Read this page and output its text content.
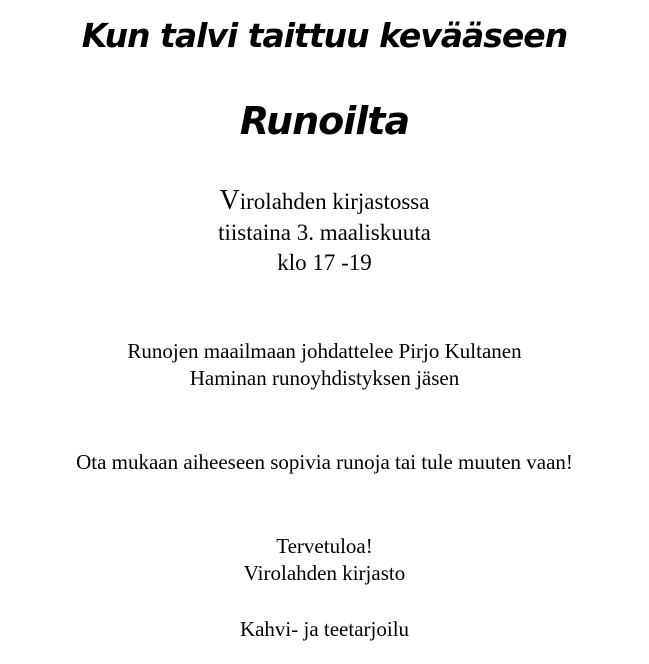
Kun talvi taittuu kevääseen
Runoilta

Virolahden kirjastossa

tiistaina 3. maaliskuuta

klo 17 -19

Runojen maailmaan johdattelee Pirjo Kultanen

Haminan runoyhdistyksen jäsen

Ota mukaan aiheeseen sopivia runoja tai tule muuten vaan!

Tervetuloa!

Virolahden kirjasto

Kahvi- ja teetarjoilu
